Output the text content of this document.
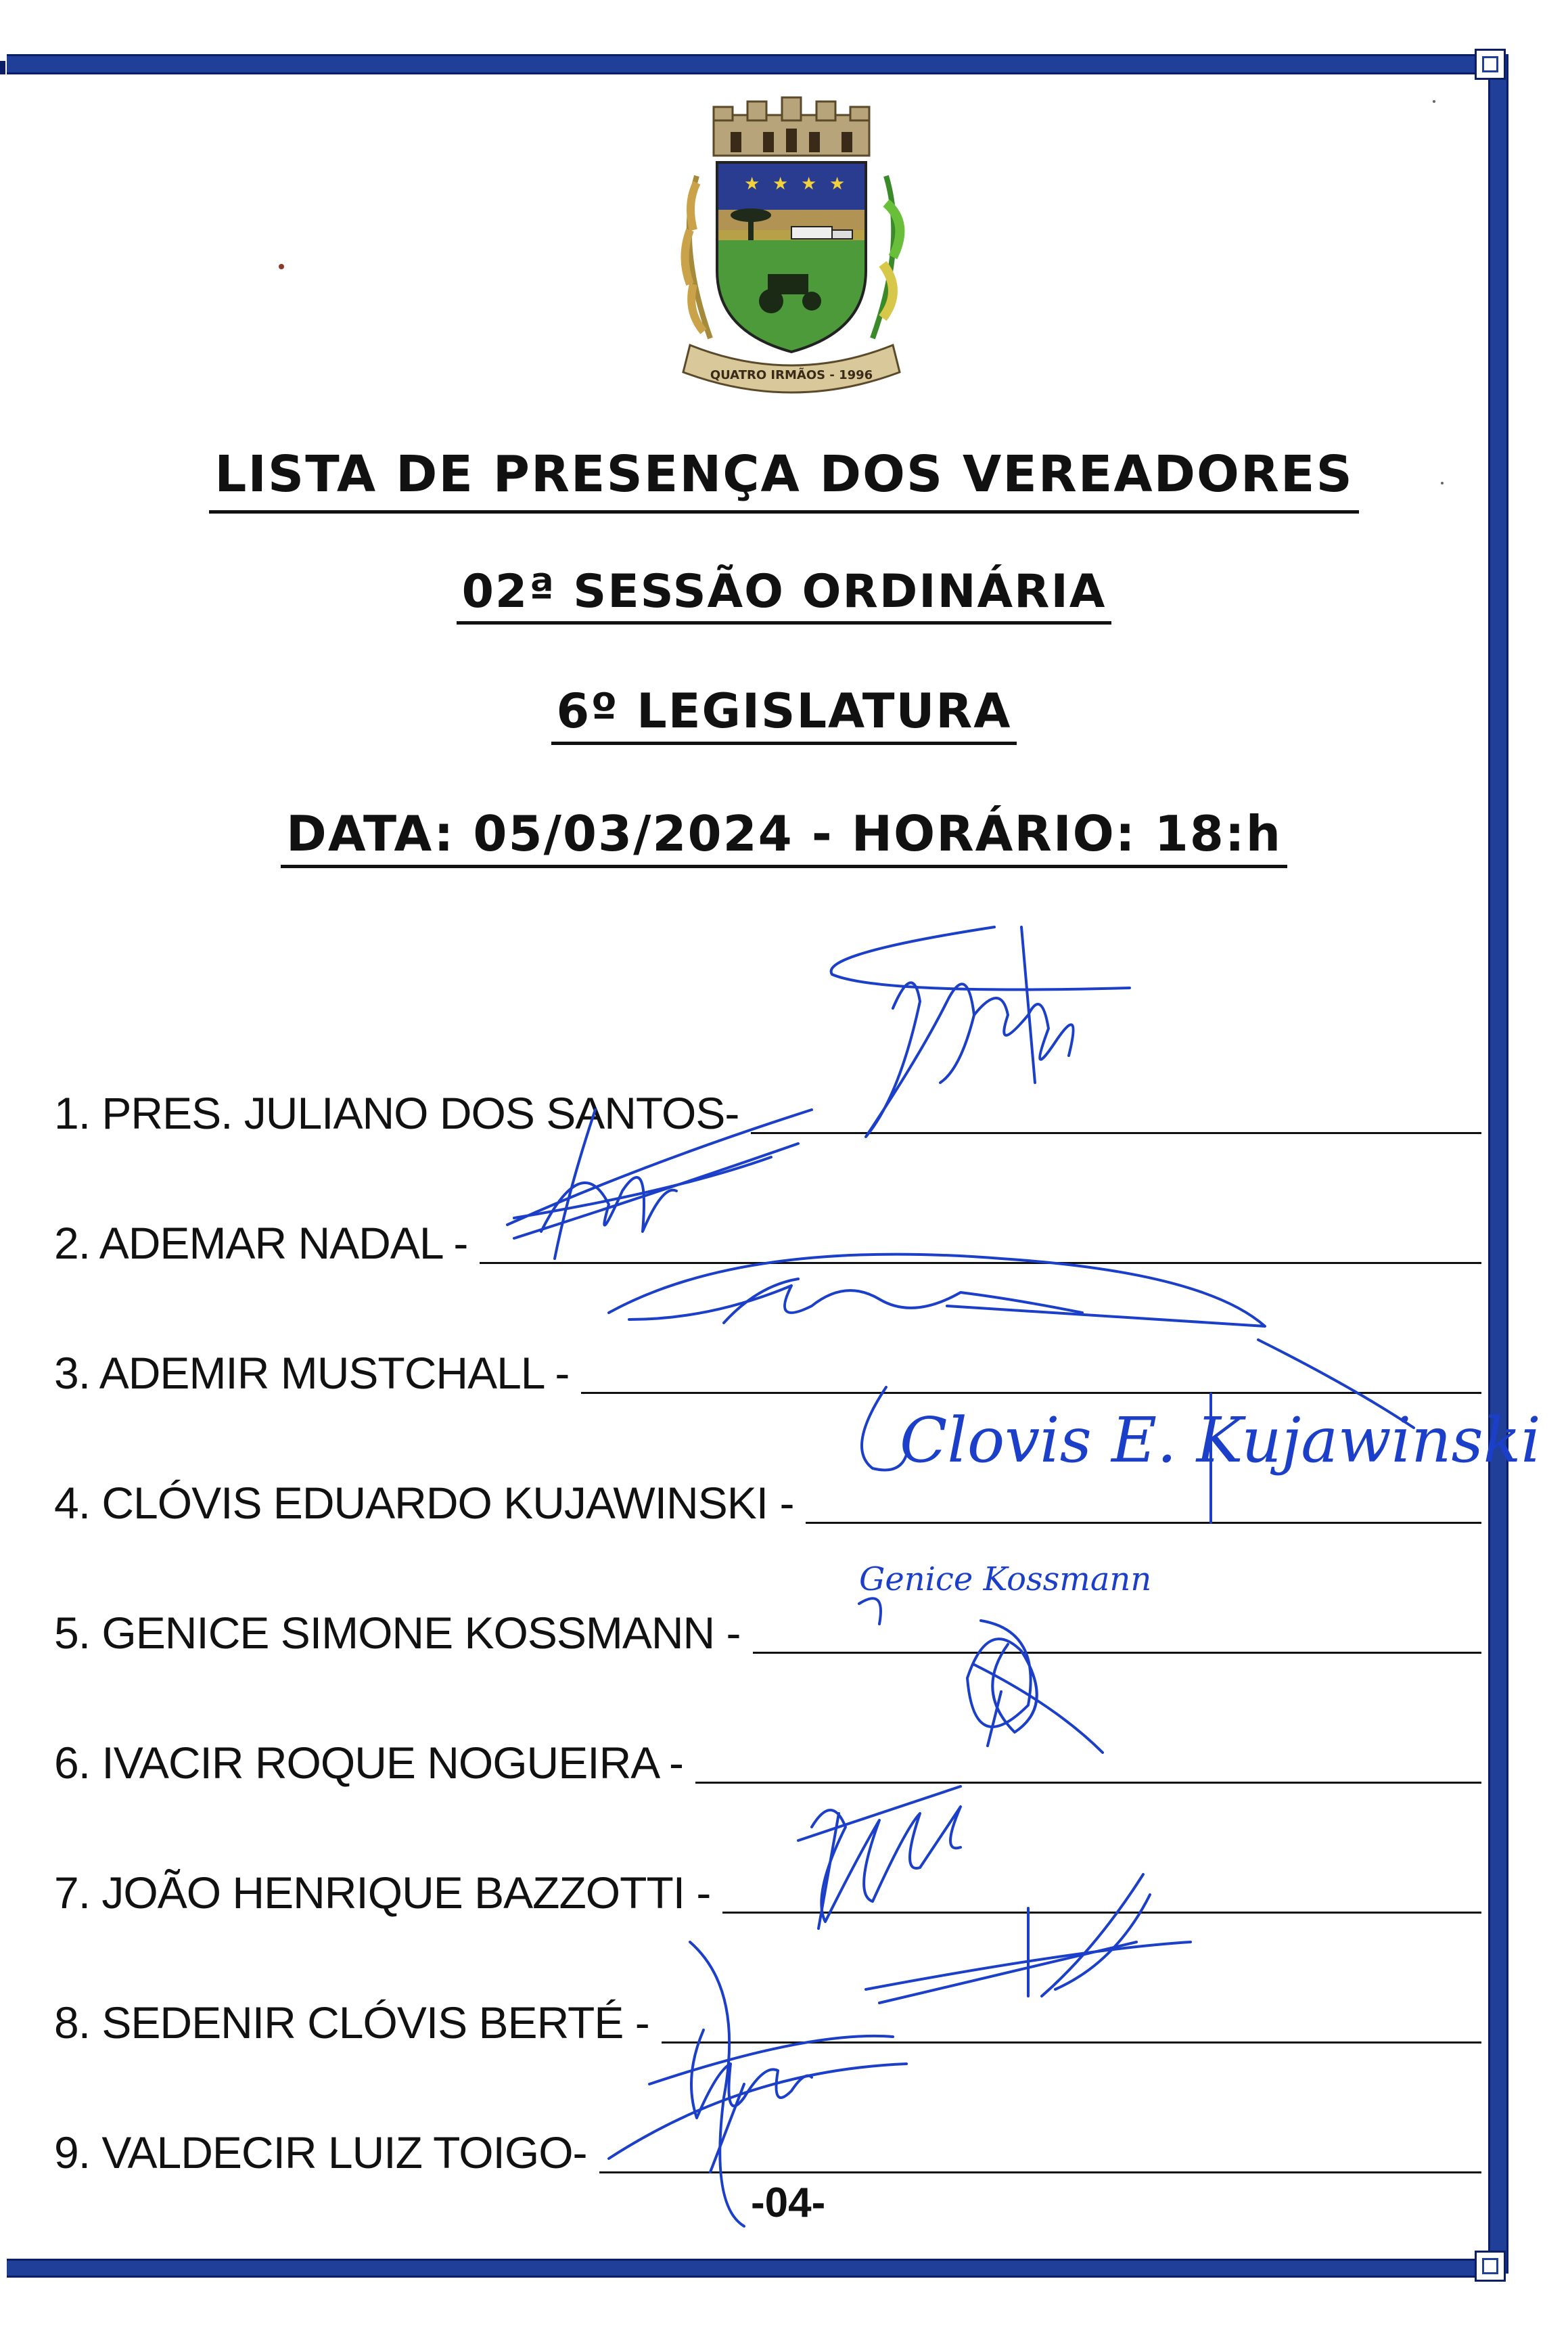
★ ★ ★ ★
QUATRO IRMÃOS - 1996
LISTA DE PRESENÇA DOS VEREADORES
02ª SESSÃO ORDINÁRIA
6º LEGISLATURA
DATA: 05/03/2024 - HORÁRIO: 18:h
1. PRES. JULIANO DOS SANTOS-
2. ADEMAR NADAL -
3. ADEMIR MUSTCHALL -
4. CLÓVIS EDUARDO KUJAWINSKI -
5. GENICE SIMONE KOSSMANN -
6. IVACIR ROQUE NOGUEIRA -
7. JOÃO HENRIQUE BAZZOTTI -
8. SEDENIR CLÓVIS BERTÉ -
9. VALDECIR LUIZ TOIGO-
Clovis E. Kujawinski
Genice Kossmann
-04-
